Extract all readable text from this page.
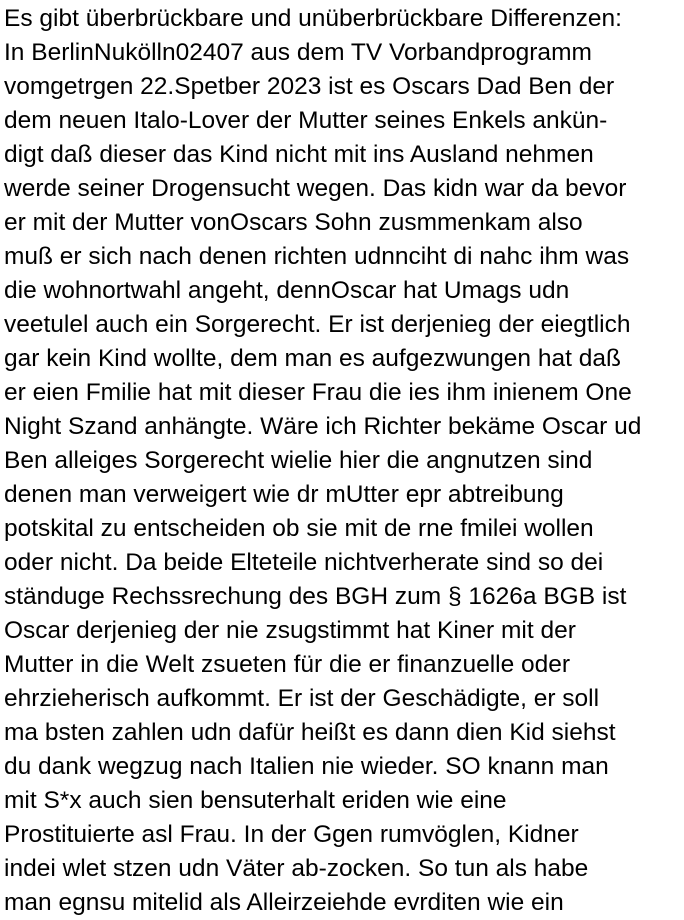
Es gibt überbrückbare und unüberbrückbare Differenzen:
In BerlinNukölln02407 aus dem TV Vorbandprogramm
vomgetrgen 22.Spetber 2023 ist es Oscars Dad Ben der
dem neuen Italo-Lover der Mutter seines Enkels ankün-
digt daß dieser das Kind nicht mit ins Ausland nehmen
werde seiner Drogensucht wegen. Das kidn war da bevor
er mit der Mutter vonOscars Sohn zusmmenkam also
muß er sich nach denen richten udnnciht di nahc ihm was
die wohnortwahl angeht, dennOscar hat Umags udn
veetulel auch ein Sorgerecht. Er ist derjenieg der eiegtlich
gar kein Kind wollte, dem man es aufgezwungen hat daß
er eien Fmilie hat mit dieser Frau die ies ihm inienem One
Night Szand anhängte. Wäre ich Richter bekäme Oscar ud
Ben alleiges Sorgerecht wielie hier die angnutzen sind
denen man verweigert wie dr mUtter epr abtreibung
potskital zu entscheiden ob sie mit de rne fmilei wollen
oder nicht. Da beide Elteteile nichtverherate sind so dei
ständuge Rechssrechung des BGH zum § 1626a BGB ist
Oscar derjenieg der nie zsugstimmt hat Kiner mit der
Mutter in die Welt zsueten für die er finanzuelle oder
ehrzieherisch aufkommt. Er ist der Geschädigte, er soll
ma bsten zahlen udn dafür heißt es dann dien Kid siehst
du dank wegzug nach Italien nie wieder. SO knann man
mit S*x auch sien bensuterhalt eriden wie eine
Prostituierte asl Frau. In der Ggen rumvöglen, Kidner
indei wlet stzen udn Väter ab-zocken. So tun als habe
man egnsu mitelid als Alleirzeiehde evrditen wie ein
